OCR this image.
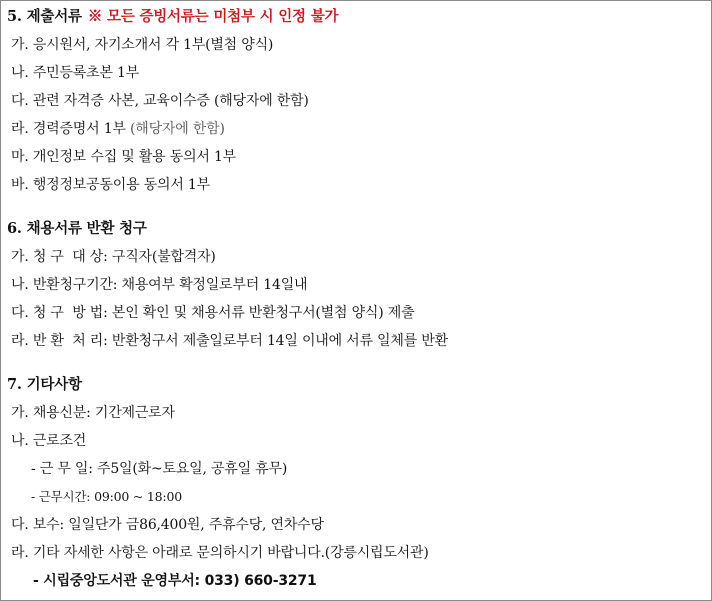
5. 제출서류 ※ 모든 증빙서류는 미첨부 시 인정 불가
가. 응시원서, 자기소개서 각 1부(별첨 양식)
나. 주민등록초본 1부
다. 관련 자격증 사본, 교육이수증 (해당자에 한함)
라. 경력증명서 1부 (해당자에 한함)
마. 개인정보 수집 및 활용 동의서 1부
바. 행정정보공동이용 동의서 1부
6. 채용서류 반환 청구
가. 청 구  대 상: 구직자(불합격자)
나. 반환청구기간: 채용여부 확정일로부터 14일내
다. 청 구  방 법: 본인 확인 및 채용서류 반환청구서(별첨 양식) 제출
라. 반 환  처 리: 반환청구서 제출일로부터 14일 이내에 서류 일체를 반환
7. 기타사항
가. 채용신분: 기간제근로자
나. 근로조건
- 근 무 일: 주5일(화~토요일, 공휴일 휴무)
- 근무시간: 09:00 ~ 18:00
다. 보수: 일일단가 금86,400원, 주휴수당, 연차수당
라. 기타 자세한 사항은 아래로 문의하시기 바랍니다.(강릉시립도서관)
- 시립중앙도서관 운영부서: 033) 660-3271
